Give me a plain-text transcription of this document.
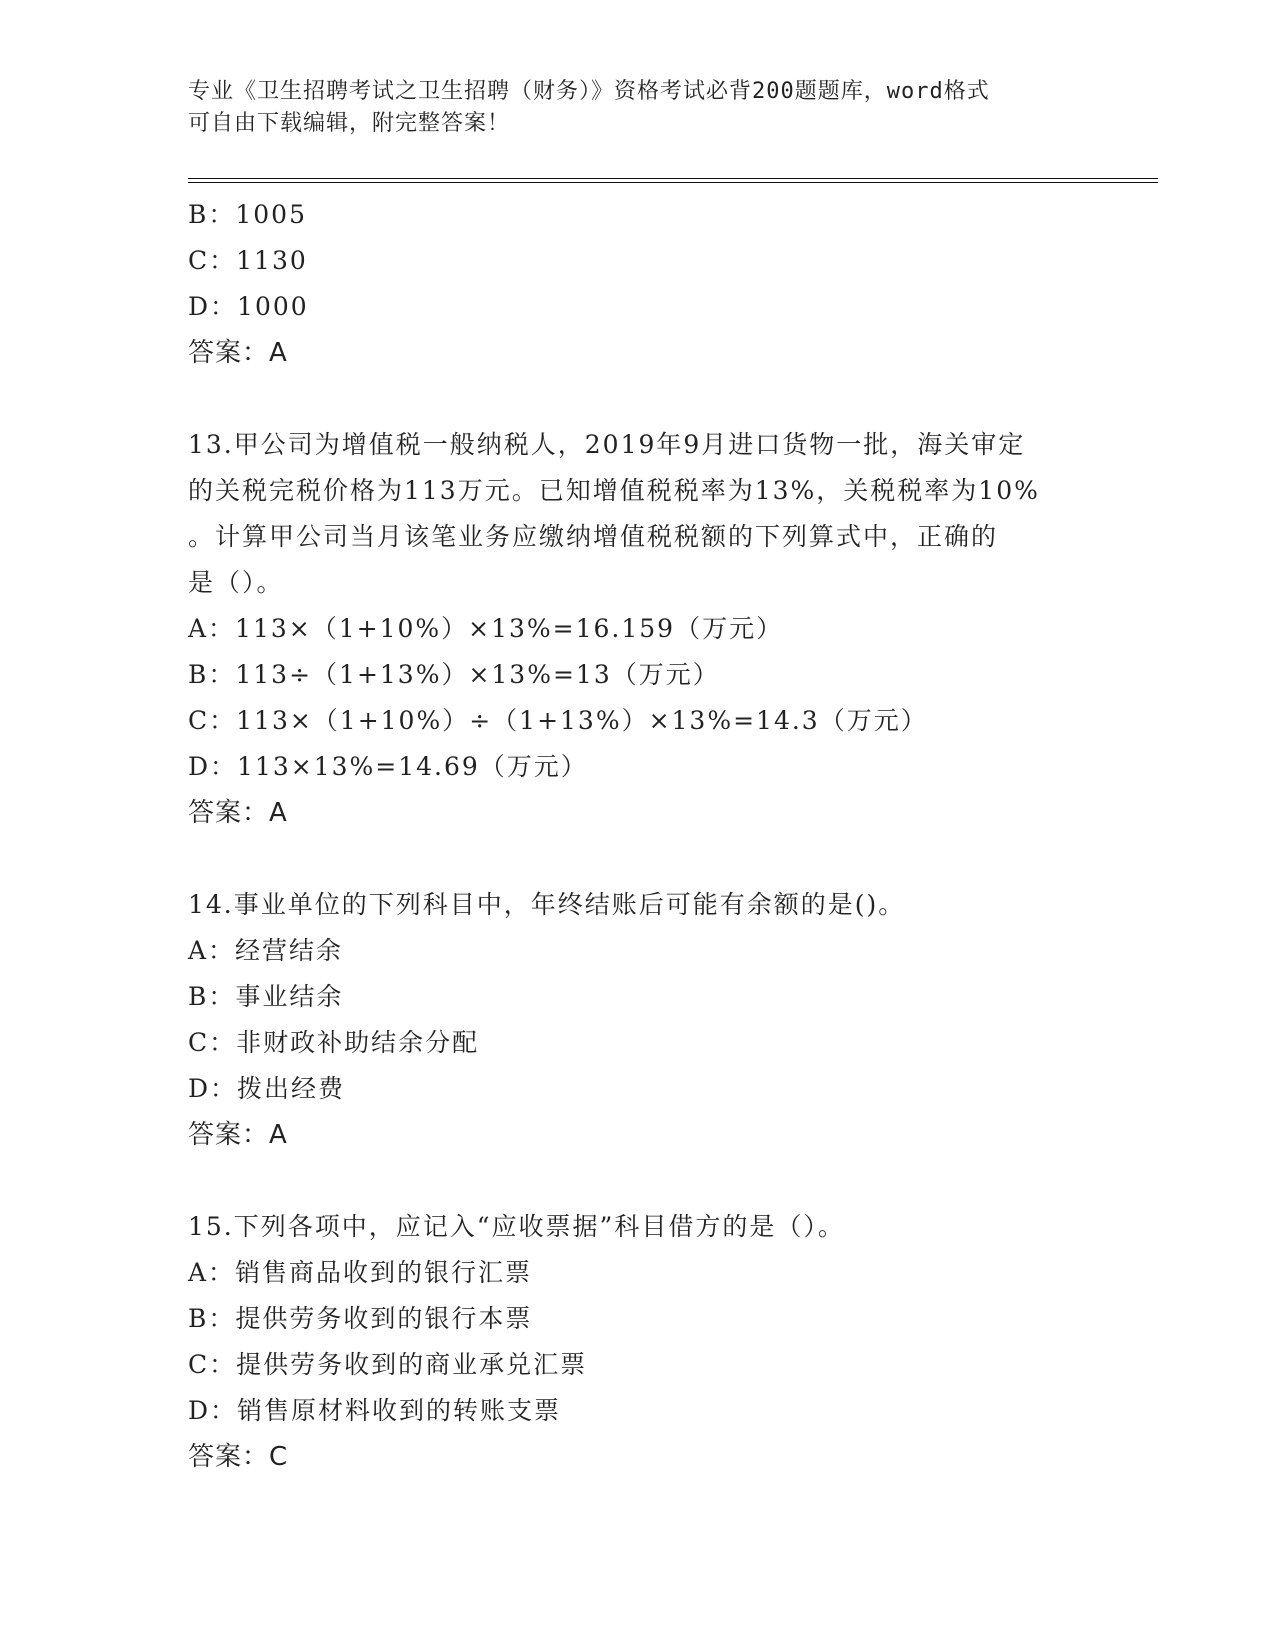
专业《卫生招聘考试之卫生招聘（财务）》资格考试必背200题题库，word格式
可自由下载编辑，附完整答案！
B：1005
C：1130
D：1000
答案：A
13.甲公司为增值税一般纳税人，2019年9月进口货物一批，海关审定
的关税完税价格为113万元。已知增值税税率为13%，关税税率为10%
。计算甲公司当月该笔业务应缴纳增值税税额的下列算式中，正确的
是（）。
A：113×（1+10%）×13%=16.159（万元）
B：113÷（1+13%）×13%=13（万元）
C：113×（1+10%）÷（1+13%）×13%=14.3（万元）
D：113×13%=14.69（万元）
答案：A
14.事业单位的下列科目中，年终结账后可能有余额的是()。
A：经营结余
B：事业结余
C：非财政补助结余分配
D：拨出经费
答案：A
15.下列各项中，应记入“应收票据”科目借方的是（）。
A：销售商品收到的银行汇票
B：提供劳务收到的银行本票
C：提供劳务收到的商业承兑汇票
D：销售原材料收到的转账支票
答案：C
